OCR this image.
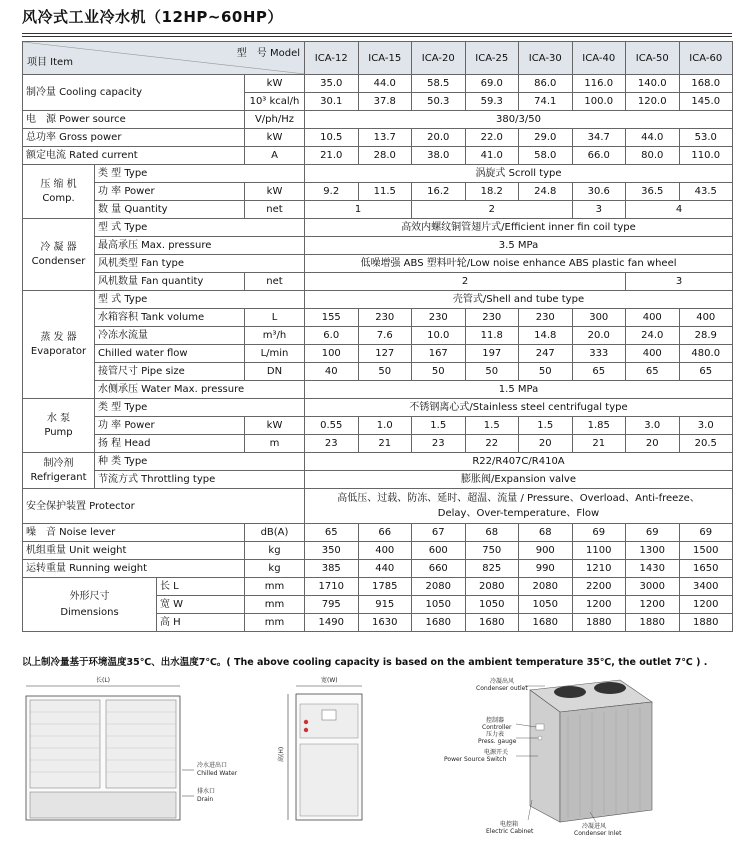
风冷式工业冷水机（12HP~60HP）
型　号 Model
项目 Item				ICA-12	ICA-15	ICA-20	ICA-25	ICA-30	ICA-40	ICA-50	ICA-60
制冷量 Cooling capacity			kW	35.0	44.0	58.5	69.0	86.0	116.0	140.0	168.0
			10³ kcal/h	30.1	37.8	50.3	59.3	74.1	100.0	120.0	145.0
电　源 Power source			V/ph/Hz	380/3/50							
总功率 Gross power			kW	10.5	13.7	20.0	22.0	29.0	34.7	44.0	53.0
额定电流 Rated current			A	21.0	28.0	38.0	41.0	58.0	66.0	80.0	110.0

压 缩 机
Comp.	类 型 Type			涡旋式 Scroll type							
	功 率 Power		kW	9.2	11.5	16.2	18.2	24.8	30.6	36.5	43.5
	数 量 Quantity		net	1		2			3	4	

冷 凝 器
Condenser	型 式 Type			高效内螺纹铜管翅片式/Efficient inner fin coil type							
	最高承压 Max. pressure			3.5 MPa							
	风机类型 Fan type			低噪增强 ABS 塑料叶轮/Low noise enhance ABS plastic fan wheel							
	风机数量 Fan quantity		net	2						3	

蒸 发 器
Evaporator	型 式 Type			壳管式/Shell and tube type							
	水箱容积 Tank volume		L	155	230	230	230	230	300	400	400
	冷冻水流量		m³/h	6.0	7.6	10.0	11.8	14.8	20.0	24.0	28.9
	Chilled water flow		L/min	100	127	167	197	247	333	400	480.0
	接管尺寸 Pipe size		DN	40	50	50	50	50	65	65	65
	水侧承压 Water Max. pressure			1.5 MPa							

水 泵
Pump	类 型 Type			不锈钢离心式/Stainless steel centrifugal type							
	功 率 Power		kW	0.55	1.0	1.5	1.5	1.5	1.85	3.0	3.0
	扬 程 Head		m	23	21	23	22	20	21	20	20.5

制冷剂
Refrigerant	种 类 Type			R22/R407C/R410A							
	节流方式 Throttling type			膨胀阀/Expansion valve							
安全保护装置 Protector				高低压、过载、防冻、延时、超温、流量 / Pressure、Overload、Anti-freeze、
Delay、Over-temperature、Flow							

噪　音 Noise lever			dB(A)	65	66	67	68	68	69	69	69
机组重量 Unit weight			kg	350	400	600	750	900	1100	1300	1500
运转重量 Running weight			kg	385	440	660	825	990	1210	1430	1650

外形尺寸
Dimensions		长 L	mm	1710	1785	2080	2080	2080	2200	3000	3400
		宽 W	mm	795	915	1050	1050	1050	1200	1200	1200
		高 H	mm	1490	1630	1680	1680	1680	1880	1880	1880
以上制冷量基于环境温度35℃、出水温度7℃。( The above cooling capacity is based on the ambient temperature 35℃, the outlet 7℃ ) .
长(L)
冷水进出口
Chilled Water
排水口
Drain
宽(W)
高(H)
冷凝出风
Condenser outlet
控制器
Controller
压力表
Press. gauge
电源开关
Power Source Switch
电控箱
Electric Cabinet
冷凝进风
Condenser Inlet
